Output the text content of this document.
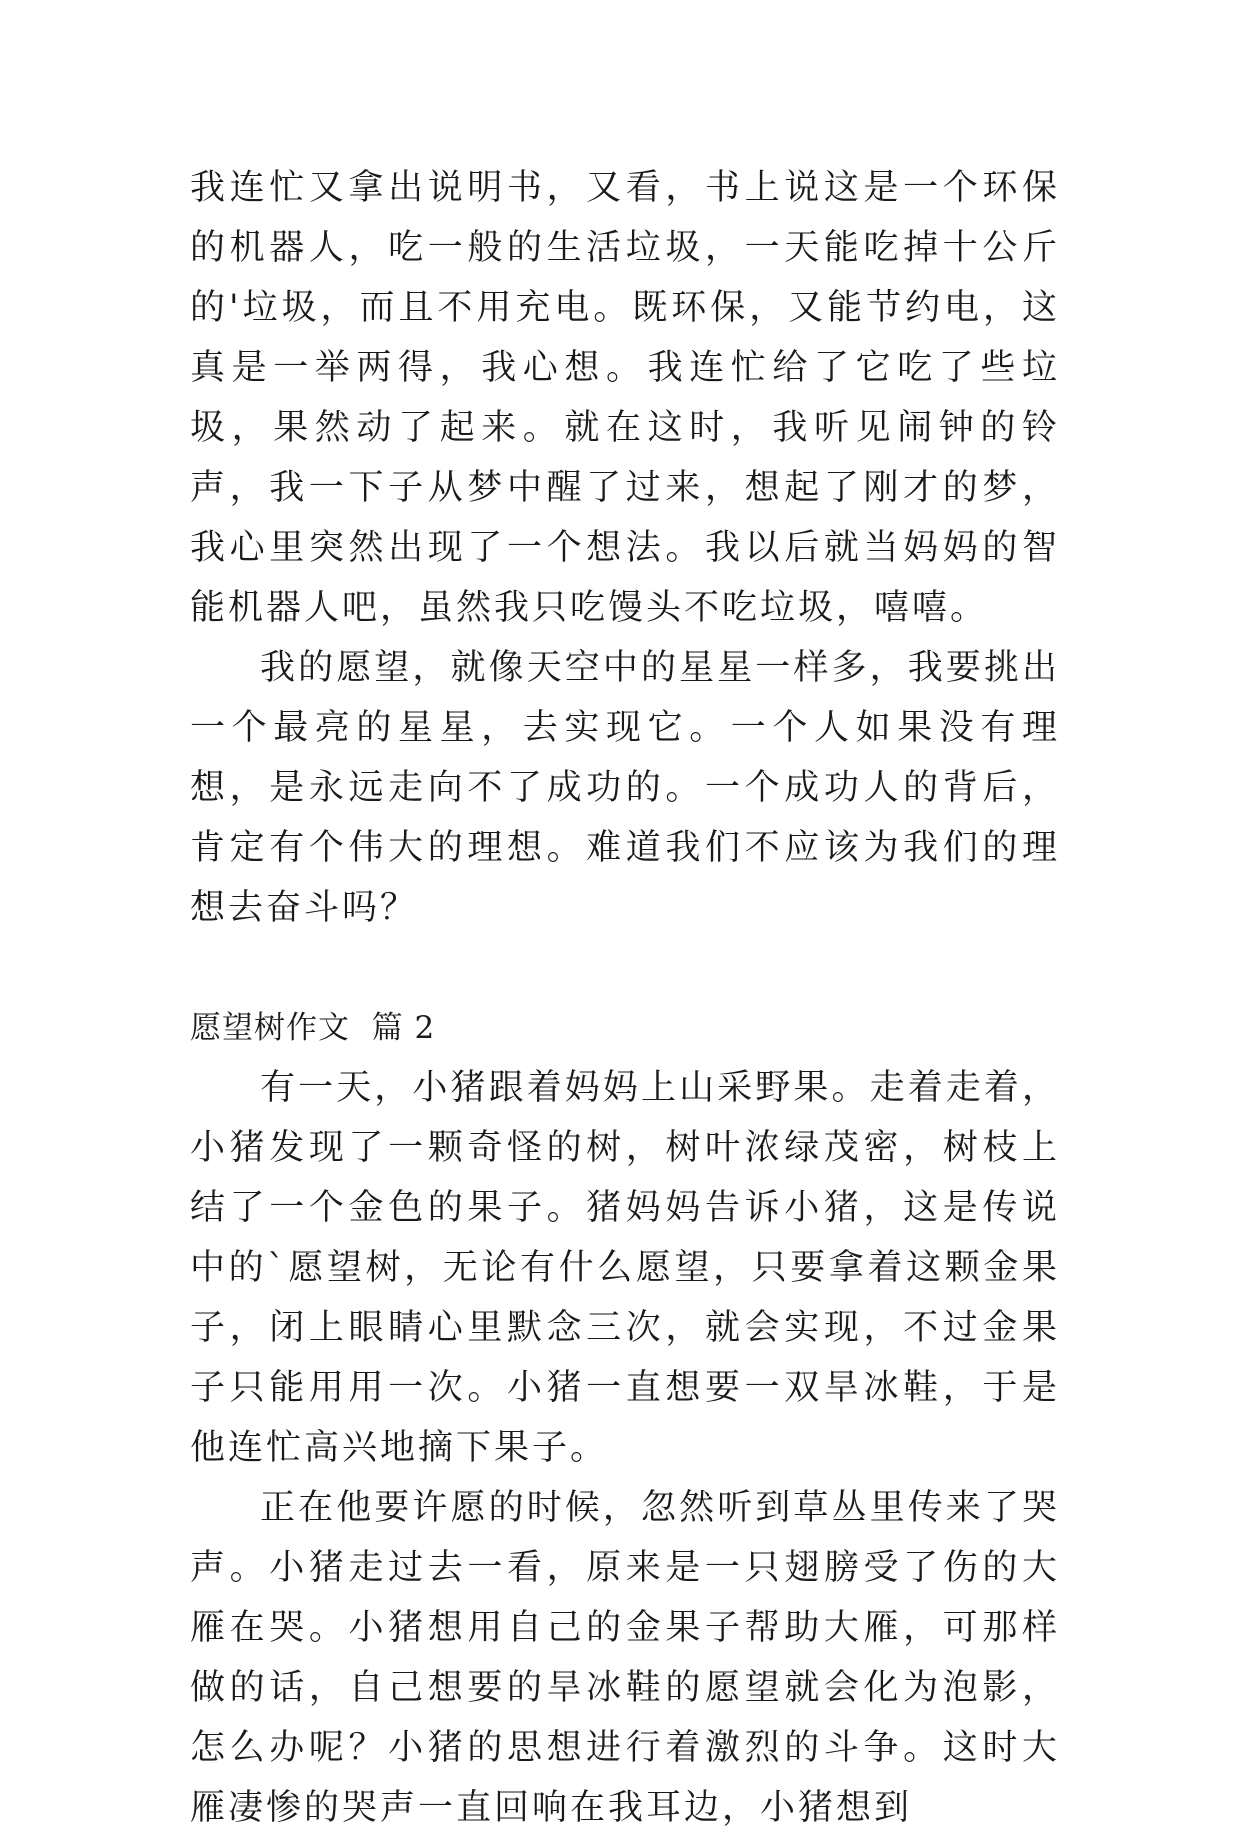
我连忙又拿出说明书，又看，书上说这是一个环保的机器人，吃一般的生活垃圾，一天能吃掉十公斤的'垃圾，而且不用充电。既环保，又能节约电，这真是一举两得，我心想。我连忙给了它吃了些垃圾，果然动了起来。就在这时，我听见闹钟的铃声，我一下子从梦中醒了过来，想起了刚才的梦，我心里突然出现了一个想法。我以后就当妈妈的智能机器人吧，虽然我只吃馒头不吃垃圾，嘻嘻。

我的愿望，就像天空中的星星一样多，我要挑出一个最亮的星星，去实现它。一个人如果没有理想，是永远走向不了成功的。一个成功人的背后，肯定有个伟大的理想。难道我们不应该为我们的理想去奋斗吗？

愿望树作文  篇 2

有一天，小猪跟着妈妈上山采野果。走着走着，小猪发现了一颗奇怪的树，树叶浓绿茂密，树枝上结了一个金色的果子。猪妈妈告诉小猪，这是传说中的`愿望树，无论有什么愿望，只要拿着这颗金果子，闭上眼睛心里默念三次，就会实现，不过金果子只能用用一次。小猪一直想要一双旱冰鞋，于是他连忙高兴地摘下果子。

正在他要许愿的时候，忽然听到草丛里传来了哭声。小猪走过去一看，原来是一只翅膀受了伤的大雁在哭。小猪想用自己的金果子帮助大雁，可那样做的话，自己想要的旱冰鞋的愿望就会化为泡影，怎么办呢？小猪的思想进行着激烈的斗争。这时大雁凄惨的哭声一直回响在我耳边，小猪想到
